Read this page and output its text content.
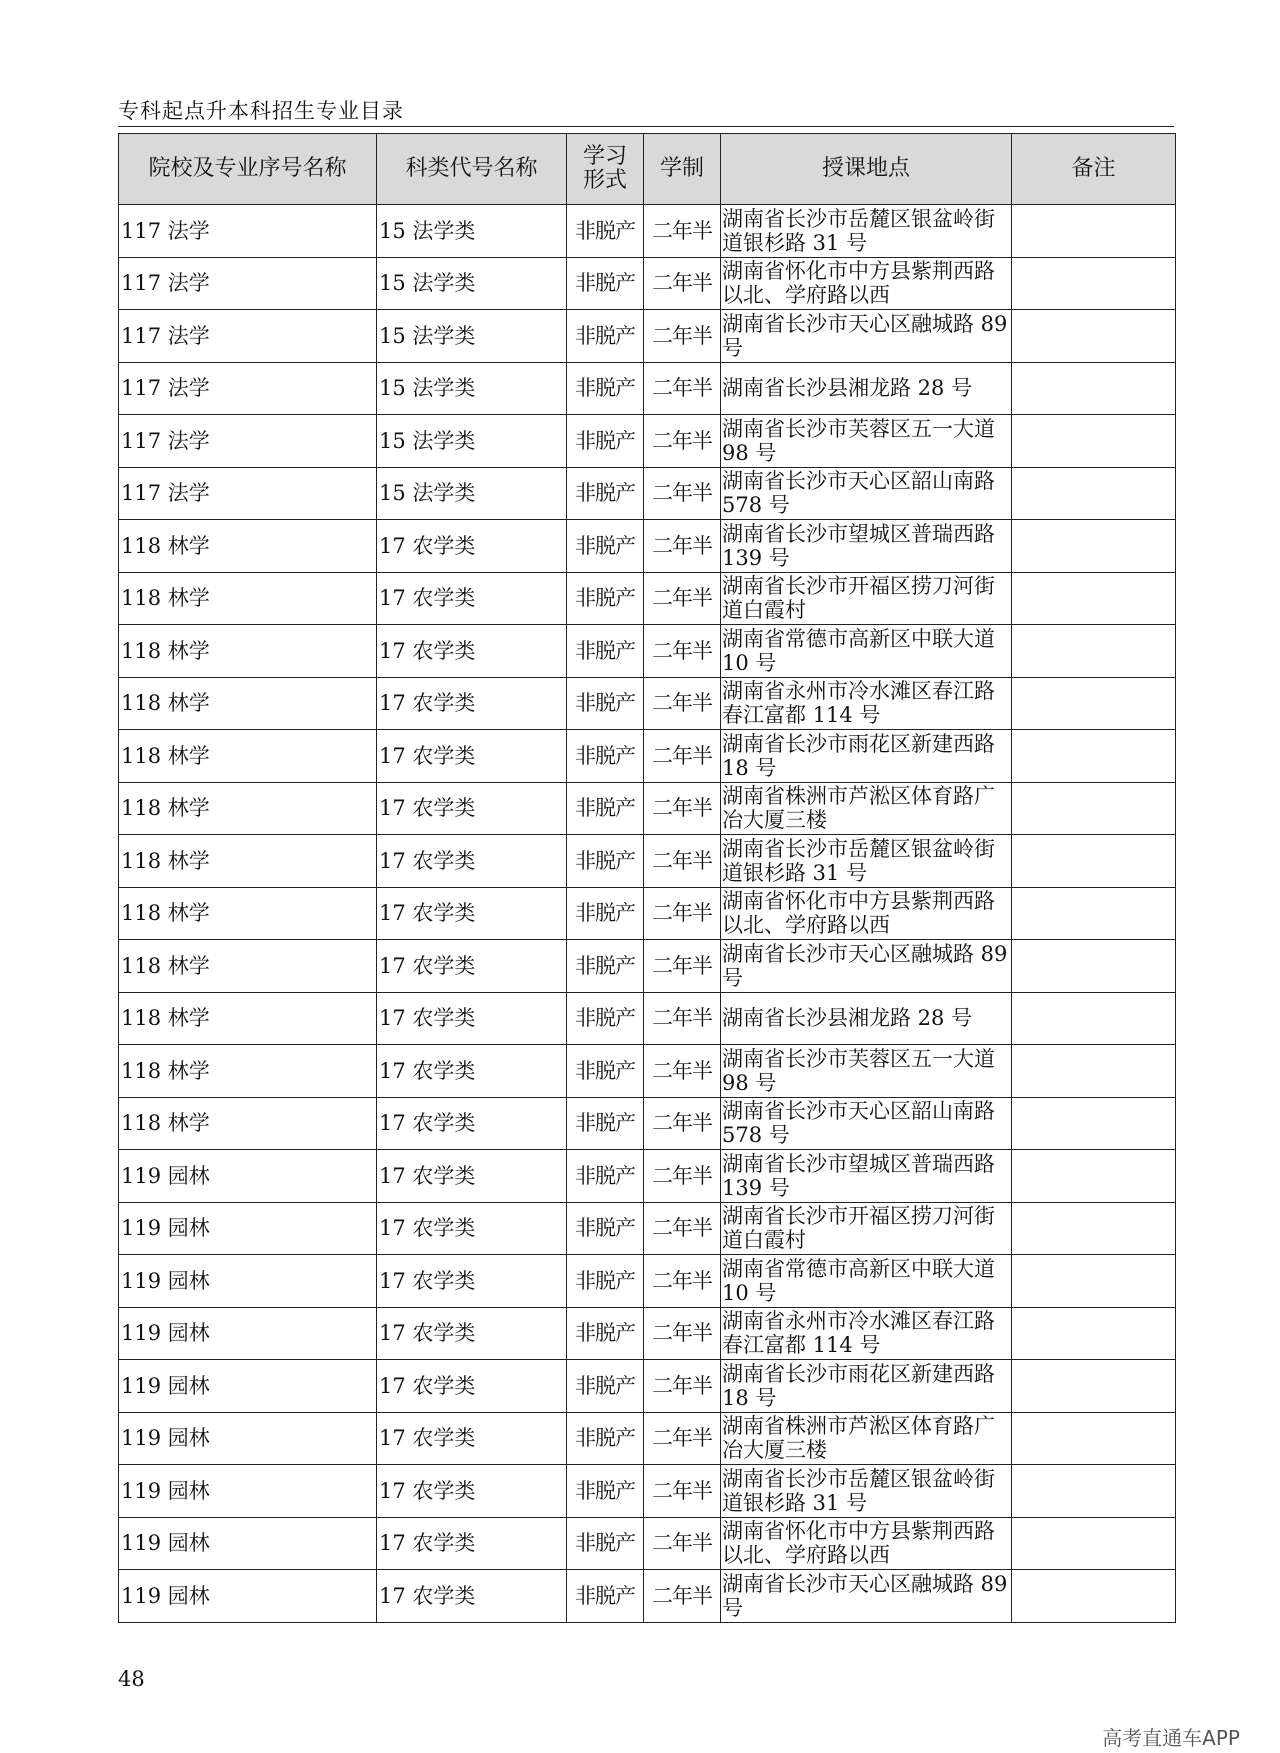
专科起点升本科招生专业目录
院校及专业序号名称	科类代号名称	学习形式	学制	授课地点	备注
117 法学	15 法学类	非脱产	二年半	湖南省长沙市岳麓区银盆岭街道银杉路 31 号	
117 法学	15 法学类	非脱产	二年半	湖南省怀化市中方县紫荆西路以北、学府路以西	
117 法学	15 法学类	非脱产	二年半	湖南省长沙市天心区融城路 89 号	
117 法学	15 法学类	非脱产	二年半	湖南省长沙县湘龙路 28 号	
117 法学	15 法学类	非脱产	二年半	湖南省长沙市芙蓉区五一大道 98 号	
117 法学	15 法学类	非脱产	二年半	湖南省长沙市天心区韶山南路 578 号	
118 林学	17 农学类	非脱产	二年半	湖南省长沙市望城区普瑞西路 139 号	
118 林学	17 农学类	非脱产	二年半	湖南省长沙市开福区捞刀河街道白霞村	
118 林学	17 农学类	非脱产	二年半	湖南省常德市高新区中联大道 10 号	
118 林学	17 农学类	非脱产	二年半	湖南省永州市冷水滩区春江路春江富都 114 号	
118 林学	17 农学类	非脱产	二年半	湖南省长沙市雨花区新建西路 18 号	
118 林学	17 农学类	非脱产	二年半	湖南省株洲市芦淞区体育路广冶大厦三楼	
118 林学	17 农学类	非脱产	二年半	湖南省长沙市岳麓区银盆岭街道银杉路 31 号	
118 林学	17 农学类	非脱产	二年半	湖南省怀化市中方县紫荆西路以北、学府路以西	
118 林学	17 农学类	非脱产	二年半	湖南省长沙市天心区融城路 89 号	
118 林学	17 农学类	非脱产	二年半	湖南省长沙县湘龙路 28 号	
118 林学	17 农学类	非脱产	二年半	湖南省长沙市芙蓉区五一大道 98 号	
118 林学	17 农学类	非脱产	二年半	湖南省长沙市天心区韶山南路 578 号	
119 园林	17 农学类	非脱产	二年半	湖南省长沙市望城区普瑞西路 139 号	
119 园林	17 农学类	非脱产	二年半	湖南省长沙市开福区捞刀河街道白霞村	
119 园林	17 农学类	非脱产	二年半	湖南省常德市高新区中联大道 10 号	
119 园林	17 农学类	非脱产	二年半	湖南省永州市冷水滩区春江路春江富都 114 号	
119 园林	17 农学类	非脱产	二年半	湖南省长沙市雨花区新建西路 18 号	
119 园林	17 农学类	非脱产	二年半	湖南省株洲市芦淞区体育路广冶大厦三楼	
119 园林	17 农学类	非脱产	二年半	湖南省长沙市岳麓区银盆岭街道银杉路 31 号	
119 园林	17 农学类	非脱产	二年半	湖南省怀化市中方县紫荆西路以北、学府路以西	
119 园林	17 农学类	非脱产	二年半	湖南省长沙市天心区融城路 89 号	
48
高考直通车APP
